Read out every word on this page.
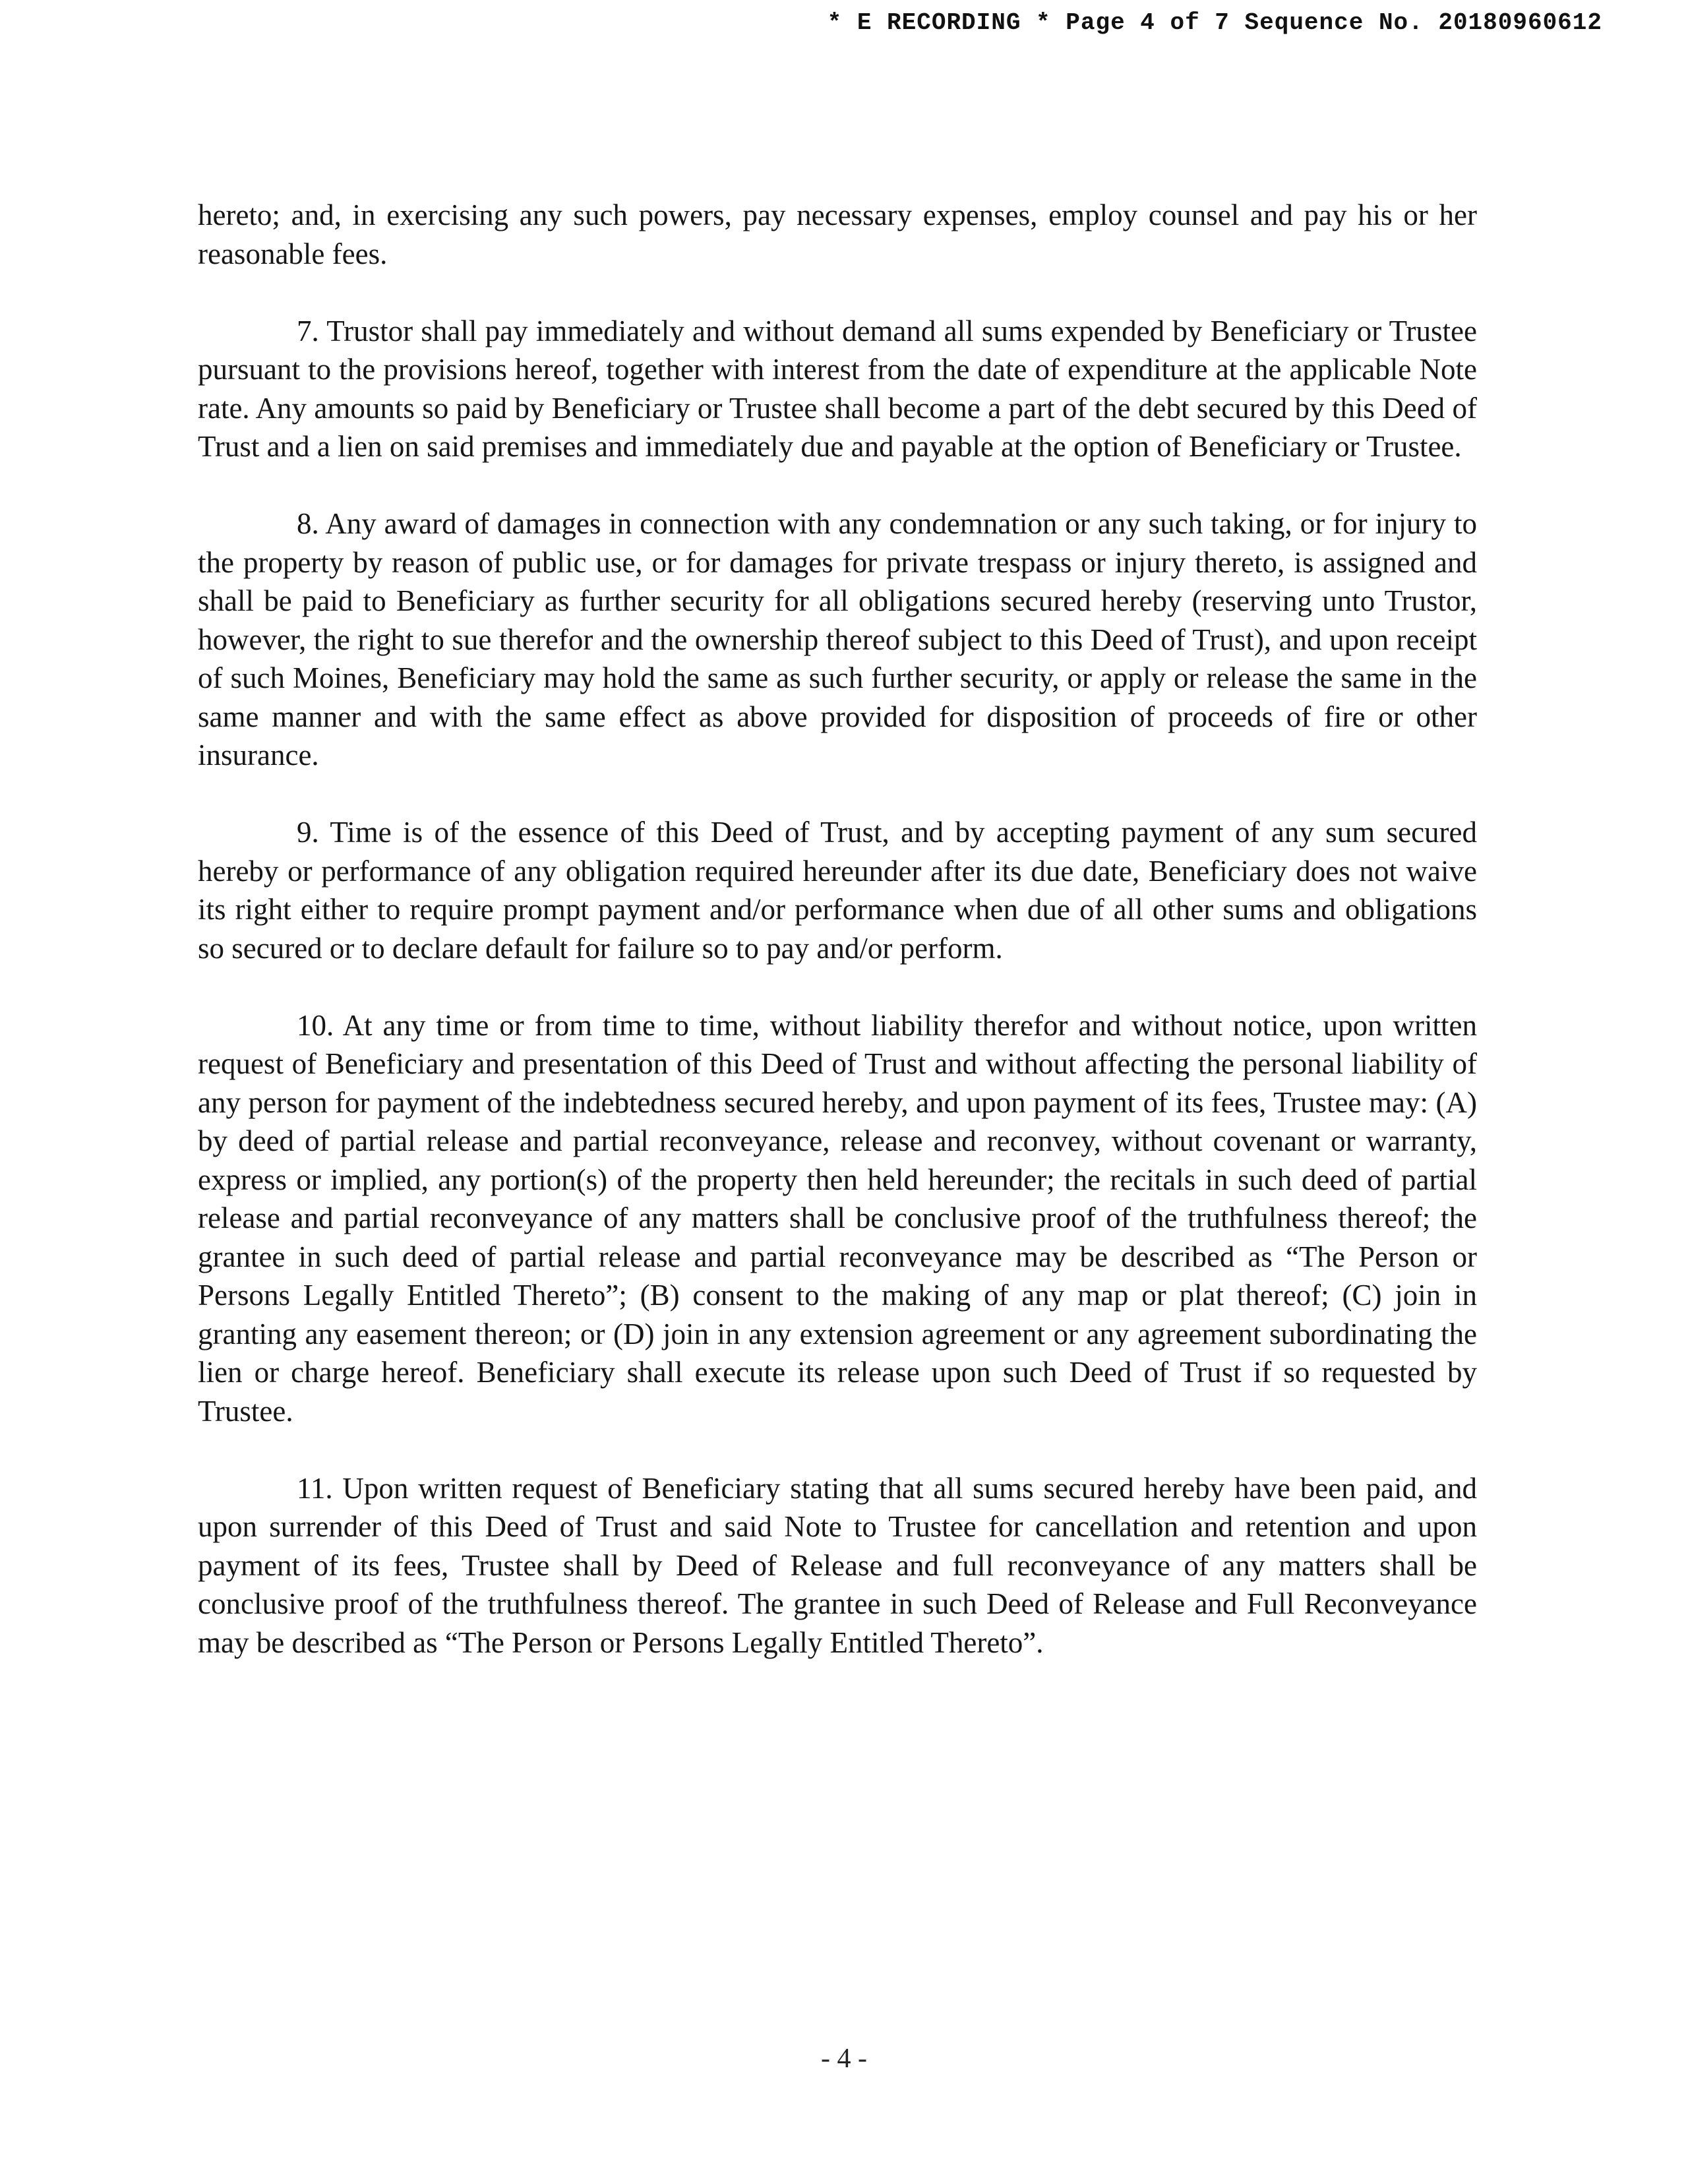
* E RECORDING * Page 4 of 7 Sequence No. 20180960612

hereto; and, in exercising any such powers, pay necessary expenses, employ counsel and pay his or her reasonable fees.

7. Trustor shall pay immediately and without demand all sums expended by Beneficiary or Trustee pursuant to the provisions hereof, together with interest from the date of expenditure at the applicable Note rate. Any amounts so paid by Beneficiary or Trustee shall become a part of the debt secured by this Deed of Trust and a lien on said premises and immediately due and payable at the option of Beneficiary or Trustee.

8. Any award of damages in connection with any condemnation or any such taking, or for injury to the property by reason of public use, or for damages for private trespass or injury thereto, is assigned and shall be paid to Beneficiary as further security for all obligations secured hereby (reserving unto Trustor, however, the right to sue therefor and the ownership thereof subject to this Deed of Trust), and upon receipt of such Moines, Beneficiary may hold the same as such further security, or apply or release the same in the same manner and with the same effect as above provided for disposition of proceeds of fire or other insurance.

9. Time is of the essence of this Deed of Trust, and by accepting payment of any sum secured hereby or performance of any obligation required hereunder after its due date, Beneficiary does not waive its right either to require prompt payment and/or performance when due of all other sums and obligations so secured or to declare default for failure so to pay and/or perform.

10. At any time or from time to time, without liability therefor and without notice, upon written request of Beneficiary and presentation of this Deed of Trust and without affecting the personal liability of any person for payment of the indebtedness secured hereby, and upon payment of its fees, Trustee may: (A) by deed of partial release and partial reconveyance, release and reconvey, without covenant or warranty, express or implied, any portion(s) of the property then held hereunder; the recitals in such deed of partial release and partial reconveyance of any matters shall be conclusive proof of the truthfulness thereof; the grantee in such deed of partial release and partial reconveyance may be described as “The Person or Persons Legally Entitled Thereto”; (B) consent to the making of any map or plat thereof; (C) join in granting any easement thereon; or (D) join in any extension agreement or any agreement subordinating the lien or charge hereof. Beneficiary shall execute its release upon such Deed of Trust if so requested by Trustee.

11. Upon written request of Beneficiary stating that all sums secured hereby have been paid, and upon surrender of this Deed of Trust and said Note to Trustee for cancellation and retention and upon payment of its fees, Trustee shall by Deed of Release and full reconveyance of any matters shall be conclusive proof of the truthfulness thereof. The grantee in such Deed of Release and Full Reconveyance may be described as “The Person or Persons Legally Entitled Thereto”.

- 4 -
